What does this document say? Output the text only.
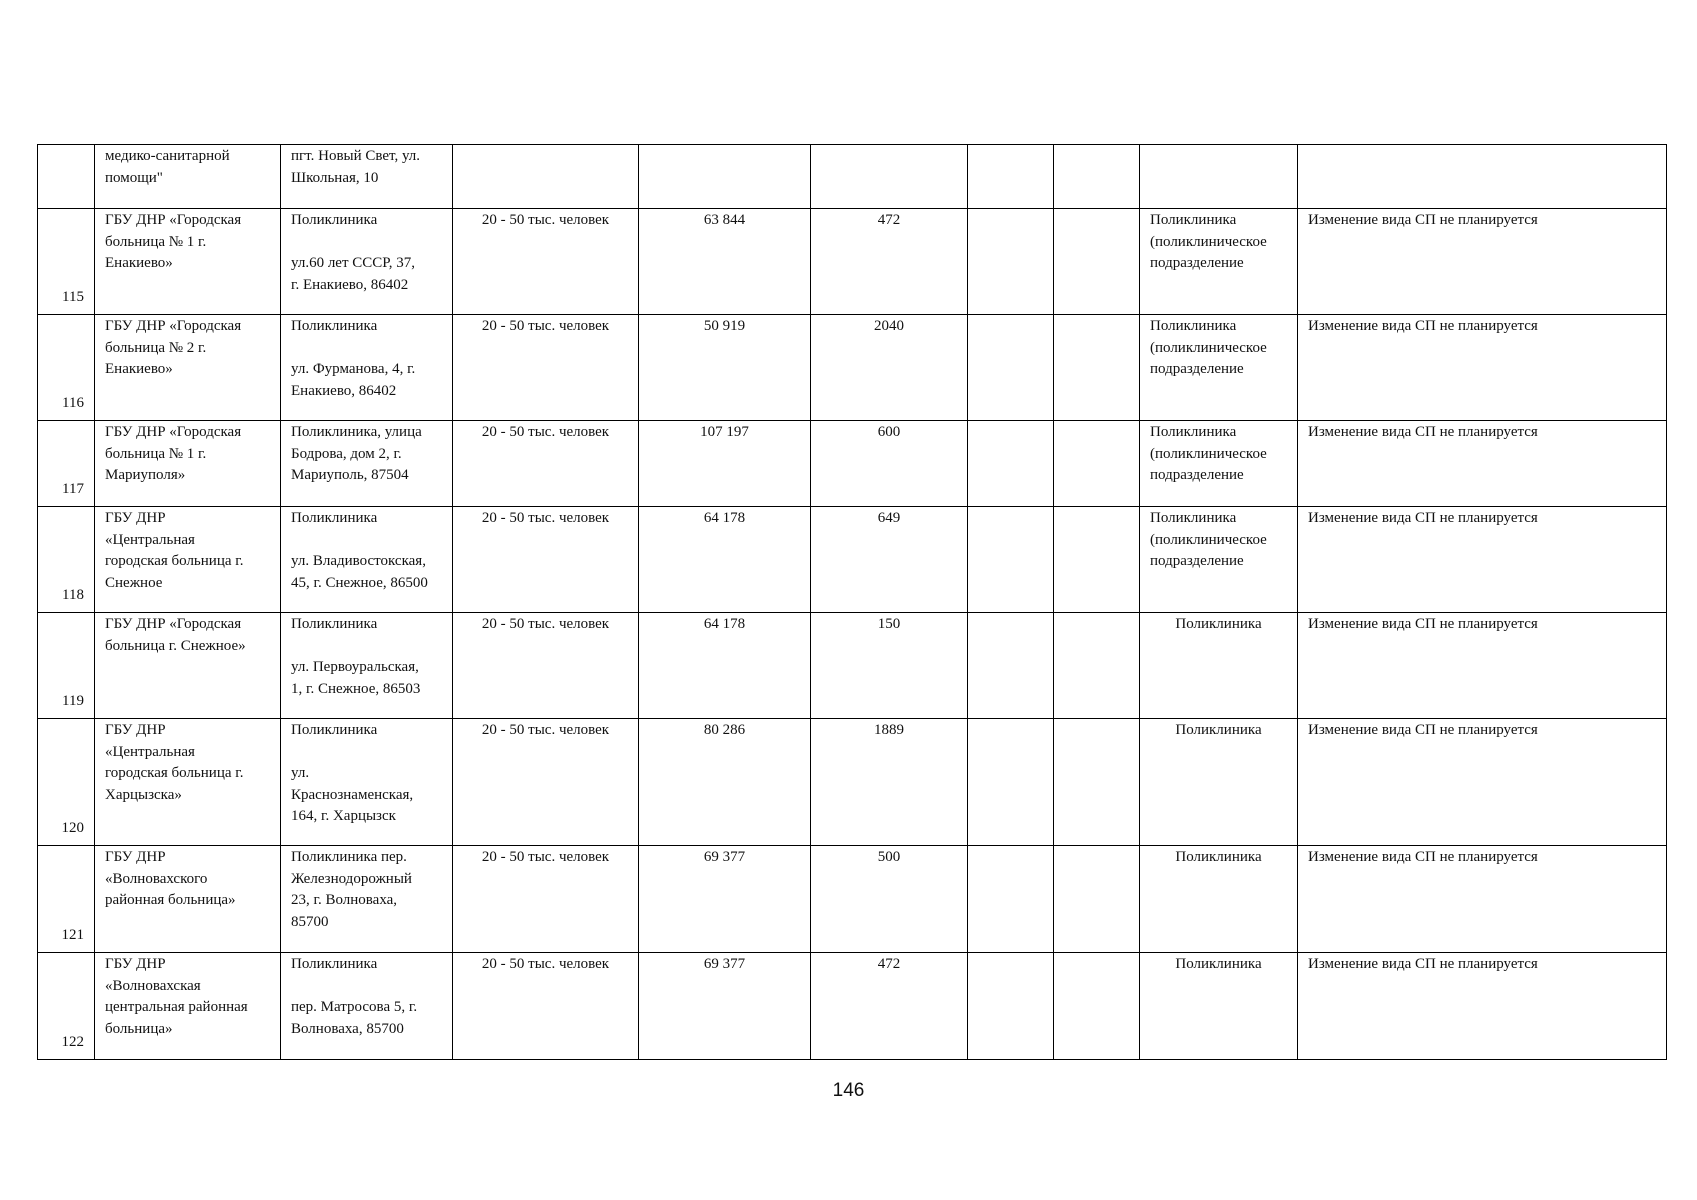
	медико-санитарной
помощи"	пгт. Новый Свет, ул.
Школьная, 10							
115	ГБУ ДНР «Городская
больница № 1 г.
Енакиево»	Поликлиника

ул.60 лет СССР, 37,
г. Енакиево, 86402	20 - 50 тыс. человек	63 844	472			Поликлиника
(поликлиническое
подразделение	Изменение вида СП не планируется
116	ГБУ ДНР «Городская
больница № 2 г.
Енакиево»	Поликлиника

ул. Фурманова, 4, г.
Енакиево, 86402	20 - 50 тыс. человек	50 919	2040			Поликлиника
(поликлиническое
подразделение	Изменение вида СП не планируется
117	ГБУ ДНР «Городская
больница № 1 г.
Мариуполя»	Поликлиника, улица
Бодрова, дом 2, г.
Мариуполь, 87504	20 - 50 тыс. человек	107 197	600			Поликлиника
(поликлиническое
подразделение	Изменение вида СП не планируется
118	ГБУ ДНР
«Центральная
городская больница г.
Снежное	Поликлиника

ул. Владивостокская,
45, г. Снежное, 86500	20 - 50 тыс. человек	64 178	649			Поликлиника
(поликлиническое
подразделение	Изменение вида СП не планируется
119	ГБУ ДНР «Городская
больница г. Снежное»	Поликлиника

ул. Первоуральская,
1, г. Снежное, 86503	20 - 50 тыс. человек	64 178	150			Поликлиника	Изменение вида СП не планируется
120	ГБУ ДНР
«Центральная
городская больница г.
Харцызска»	Поликлиника

ул.
Краснознаменская,
164, г. Харцызск	20 - 50 тыс. человек	80 286	1889			Поликлиника	Изменение вида СП не планируется
121	ГБУ ДНР
«Волновахского
районная больница»	Поликлиника пер.
Железнодорожный
23, г. Волноваха,
85700	20 - 50 тыс. человек	69 377	500			Поликлиника	Изменение вида СП не планируется
122	ГБУ ДНР
«Волновахская
центральная районная
больница»	Поликлиника

пер. Матросова 5, г.
Волноваха, 85700	20 - 50 тыс. человек	69 377	472			Поликлиника	Изменение вида СП не планируется
146
